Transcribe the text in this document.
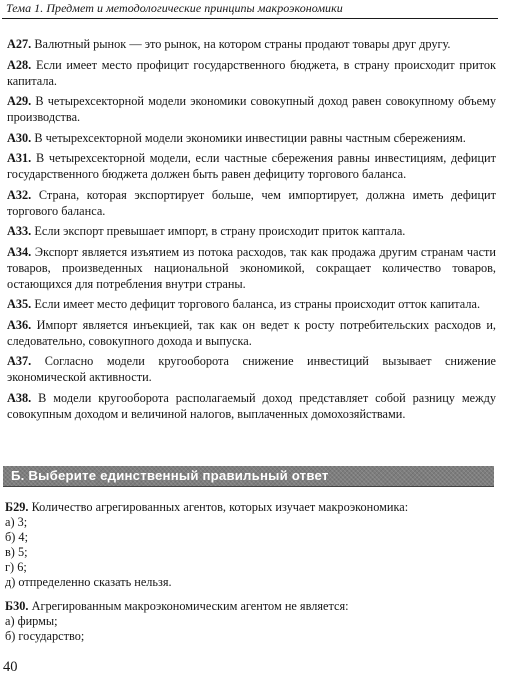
Тема 1. Предмет и методологические принципы макроэкономики

A27. Валютный рынок — это рынок, на котором страны продают товары друг другу.

A28. Если имеет место профицит государственного бюджета, в страну происходит приток капитала.

A29. В четырехсекторной модели экономики совокупный доход равен совокупному объему производства.

A30. В четырехсекторной модели экономики инвестиции равны частным сбережениям.

A31. В четырехсекторной модели, если частные сбережения равны инвестициям, дефицит государственного бюджета должен быть равен дефициту торгового баланса.

A32. Страна, которая экспортирует больше, чем импортирует, должна иметь дефицит торгового баланса.

A33. Если экспорт превышает импорт, в страну происходит приток каптала.

A34. Экспорт является изъятием из потока расходов, так как продажа другим странам части товаров, произведенных национальной экономикой, сокращает количество товаров, остающихся для потребления внутри страны.

A35. Если имеет место дефицит торгового баланса, из страны происходит отток капитала.

A36. Импорт является инъекцией, так как он ведет к росту потребительских расходов и, следовательно, совокупного дохода и выпуска.

A37. Согласно модели кругооборота снижение инвестиций вызывает снижение экономической активности.

A38. В модели кругооборота располагаемый доход представляет собой разницу между совокупным доходом и величиной налогов, выплаченных домохозяйствами.

Б. Выберите единственный правильный ответ
Б29. Количество агрегированных агентов, которых изучает макроэкономика:
а) 3;
б) 4;
в) 5;
г) 6;
д) отпределенно сказать нельзя.
Б30. Агрегированным макроэкономическим агентом не является:
а) фирмы;
б) государство;
40
